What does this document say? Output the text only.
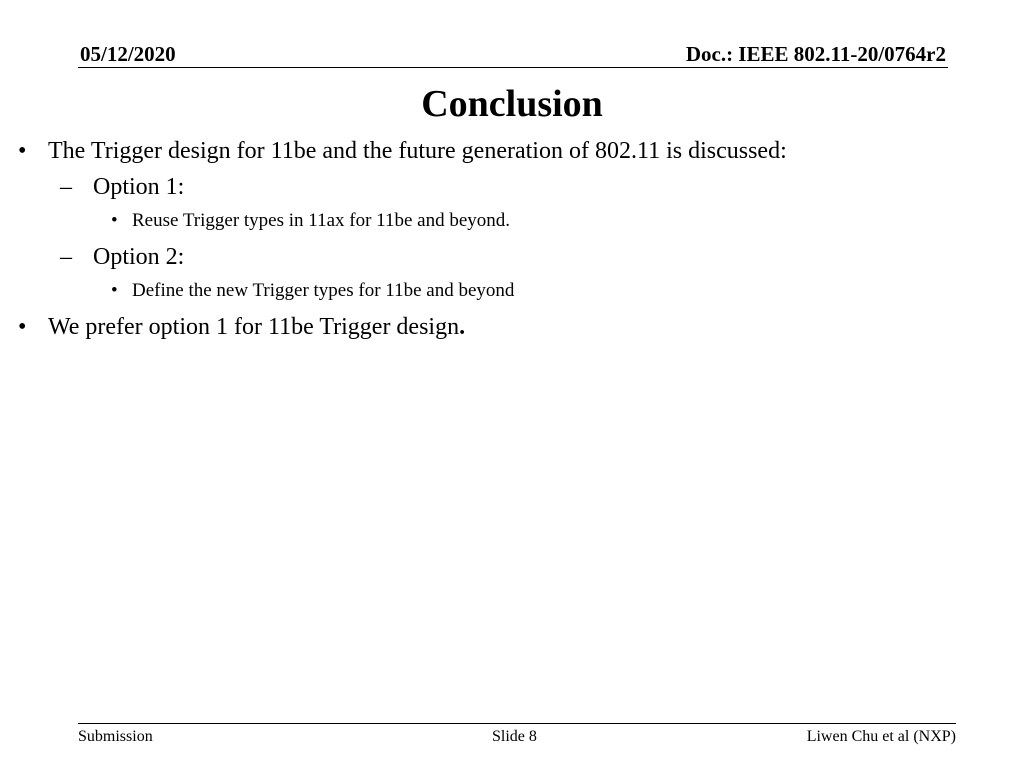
05/12/2020	Doc.: IEEE 802.11-20/0764r2
Conclusion
• The Trigger design for 11be and the future generation of 802.11 is discussed:
– Option 1:
• Reuse Trigger types in 11ax for 11be and beyond.
– Option 2:
• Define the new Trigger types for 11be and beyond
• We prefer option 1 for 11be Trigger design .
Submission	Slide 8	Liwen Chu et al (NXP)
